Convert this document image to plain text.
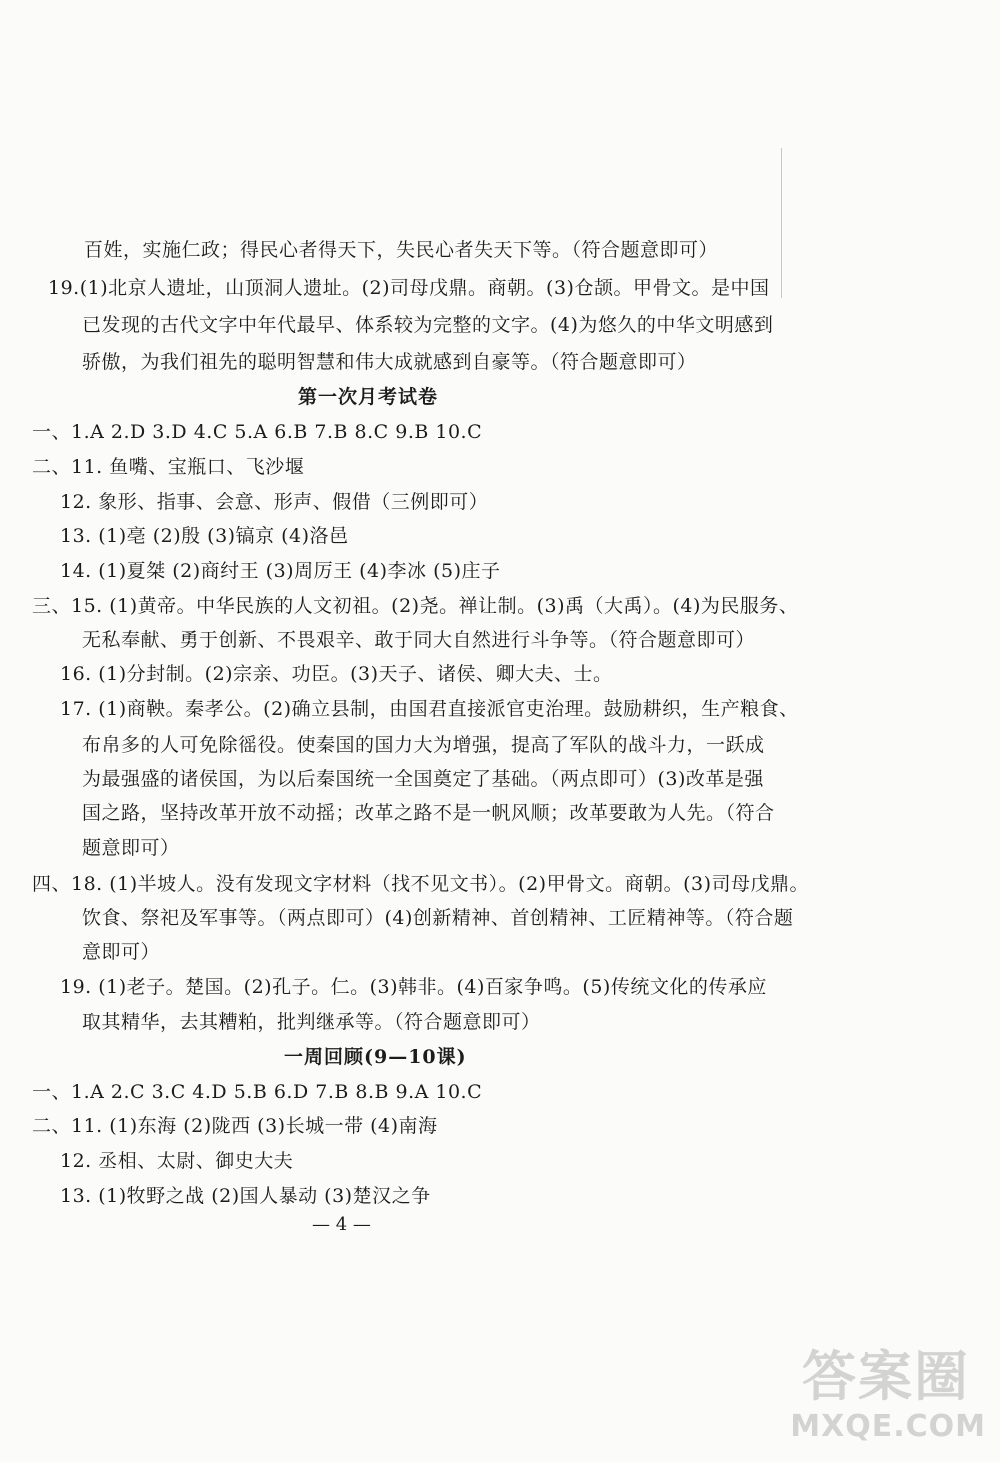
百姓，实施仁政；得民心者得天下，失民心者失天下等。（符合题意即可）
19.(1)北京人遗址，山顶洞人遗址。(2)司母戊鼎。商朝。(3)仓颉。甲骨文。是中国
已发现的古代文字中年代最早、体系较为完整的文字。(4)为悠久的中华文明感到
骄傲，为我们祖先的聪明智慧和伟大成就感到自豪等。（符合题意即可）
第一次月考试卷
一、1.A 2.D 3.D 4.C 5.A 6.B 7.B 8.C 9.B 10.C
二、11. 鱼嘴、宝瓶口、飞沙堰
12. 象形、指事、会意、形声、假借（三例即可）
13. (1)亳 (2)殷 (3)镐京 (4)洛邑
14. (1)夏桀 (2)商纣王 (3)周厉王 (4)李冰 (5)庄子
三、15. (1)黄帝。中华民族的人文初祖。(2)尧。禅让制。(3)禹（大禹）。(4)为民服务、
无私奉献、勇于创新、不畏艰辛、敢于同大自然进行斗争等。（符合题意即可）
16. (1)分封制。(2)宗亲、功臣。(3)天子、诸侯、卿大夫、士。
17. (1)商鞅。秦孝公。(2)确立县制，由国君直接派官吏治理。鼓励耕织，生产粮食、
布帛多的人可免除徭役。使秦国的国力大为增强，提高了军队的战斗力，一跃成
为最强盛的诸侯国，为以后秦国统一全国奠定了基础。（两点即可）(3)改革是强
国之路，坚持改革开放不动摇；改革之路不是一帆风顺；改革要敢为人先。（符合
题意即可）
四、18. (1)半坡人。没有发现文字材料（找不见文书）。(2)甲骨文。商朝。(3)司母戊鼎。
饮食、祭祀及军事等。（两点即可）(4)创新精神、首创精神、工匠精神等。（符合题
意即可）
19. (1)老子。楚国。(2)孔子。仁。(3)韩非。(4)百家争鸣。(5)传统文化的传承应
取其精华，去其糟粕，批判继承等。（符合题意即可）
一周回顾(9—10课)
一、1.A 2.C 3.C 4.D 5.B 6.D 7.B 8.B 9.A 10.C
二、11. (1)东海 (2)陇西 (3)长城一带 (4)南海
12. 丞相、太尉、御史大夫
13. (1)牧野之战 (2)国人暴动 (3)楚汉之争
— 4 —
答案圈
MXQE.COM
